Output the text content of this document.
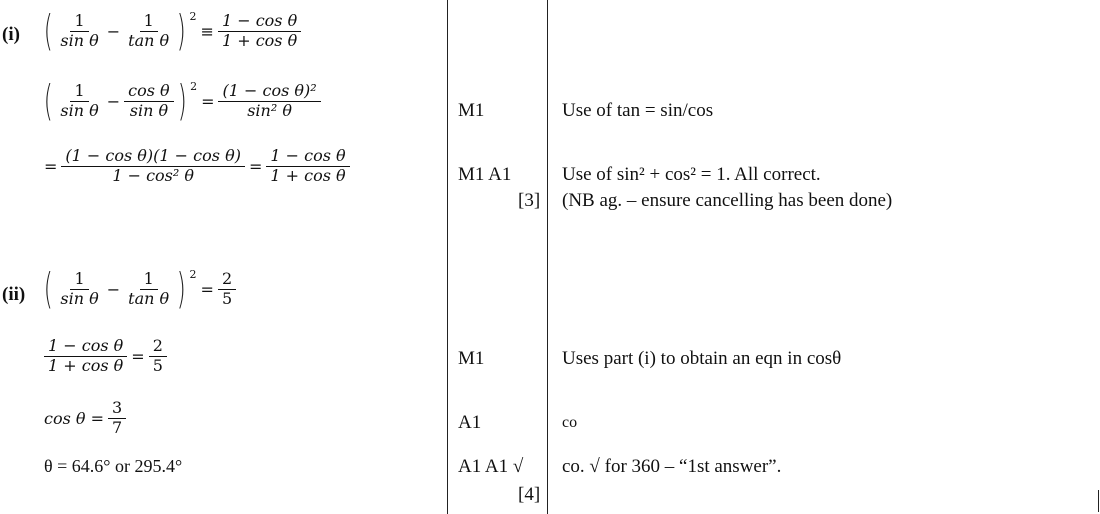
(i) ( $\frac{1}{\text{sin θ}} - \frac{1}{\text{tan θ}}$ ) $^2$
≡ $\frac{\text{1 − cos θ}}{\text{1 + cos θ}}$
( $\frac{1}{\text{sin θ}} - \frac{\text{cos θ}}{\text{sin θ}}$ ) $^2$
= $\frac{\text{(1 − cos θ)²}}{\text{sin² θ}}$
= $\frac{\text{(1 − cos θ)(1 − cos θ)}}{\text{1 − cos² θ}} = \frac{\text{1 − cos θ}}{\text{1 + cos θ}}$
M1
M1 A1
[3]
Use of tan = sin/cos
Use of sin² + cos² = 1. All correct.
(NB ag. – ensure cancelling has been done)
(ii) ( $\frac{1}{\text{sin θ}} - \frac{1}{\text{tan θ}}$ ) $^2$
= $\frac{2}{5}$
$\frac{\text{1 − cos θ}}{\text{1 + cos θ}} = \frac{2}{5}$
$\cos \theta = \frac{3}{7}$
θ = 64.6° or 295.4°
M1
A1
A1 A1 √
[4]
Uses part (i) to obtain an eqn in cosθ
co
co. √ for 360 – “1st answer”.
